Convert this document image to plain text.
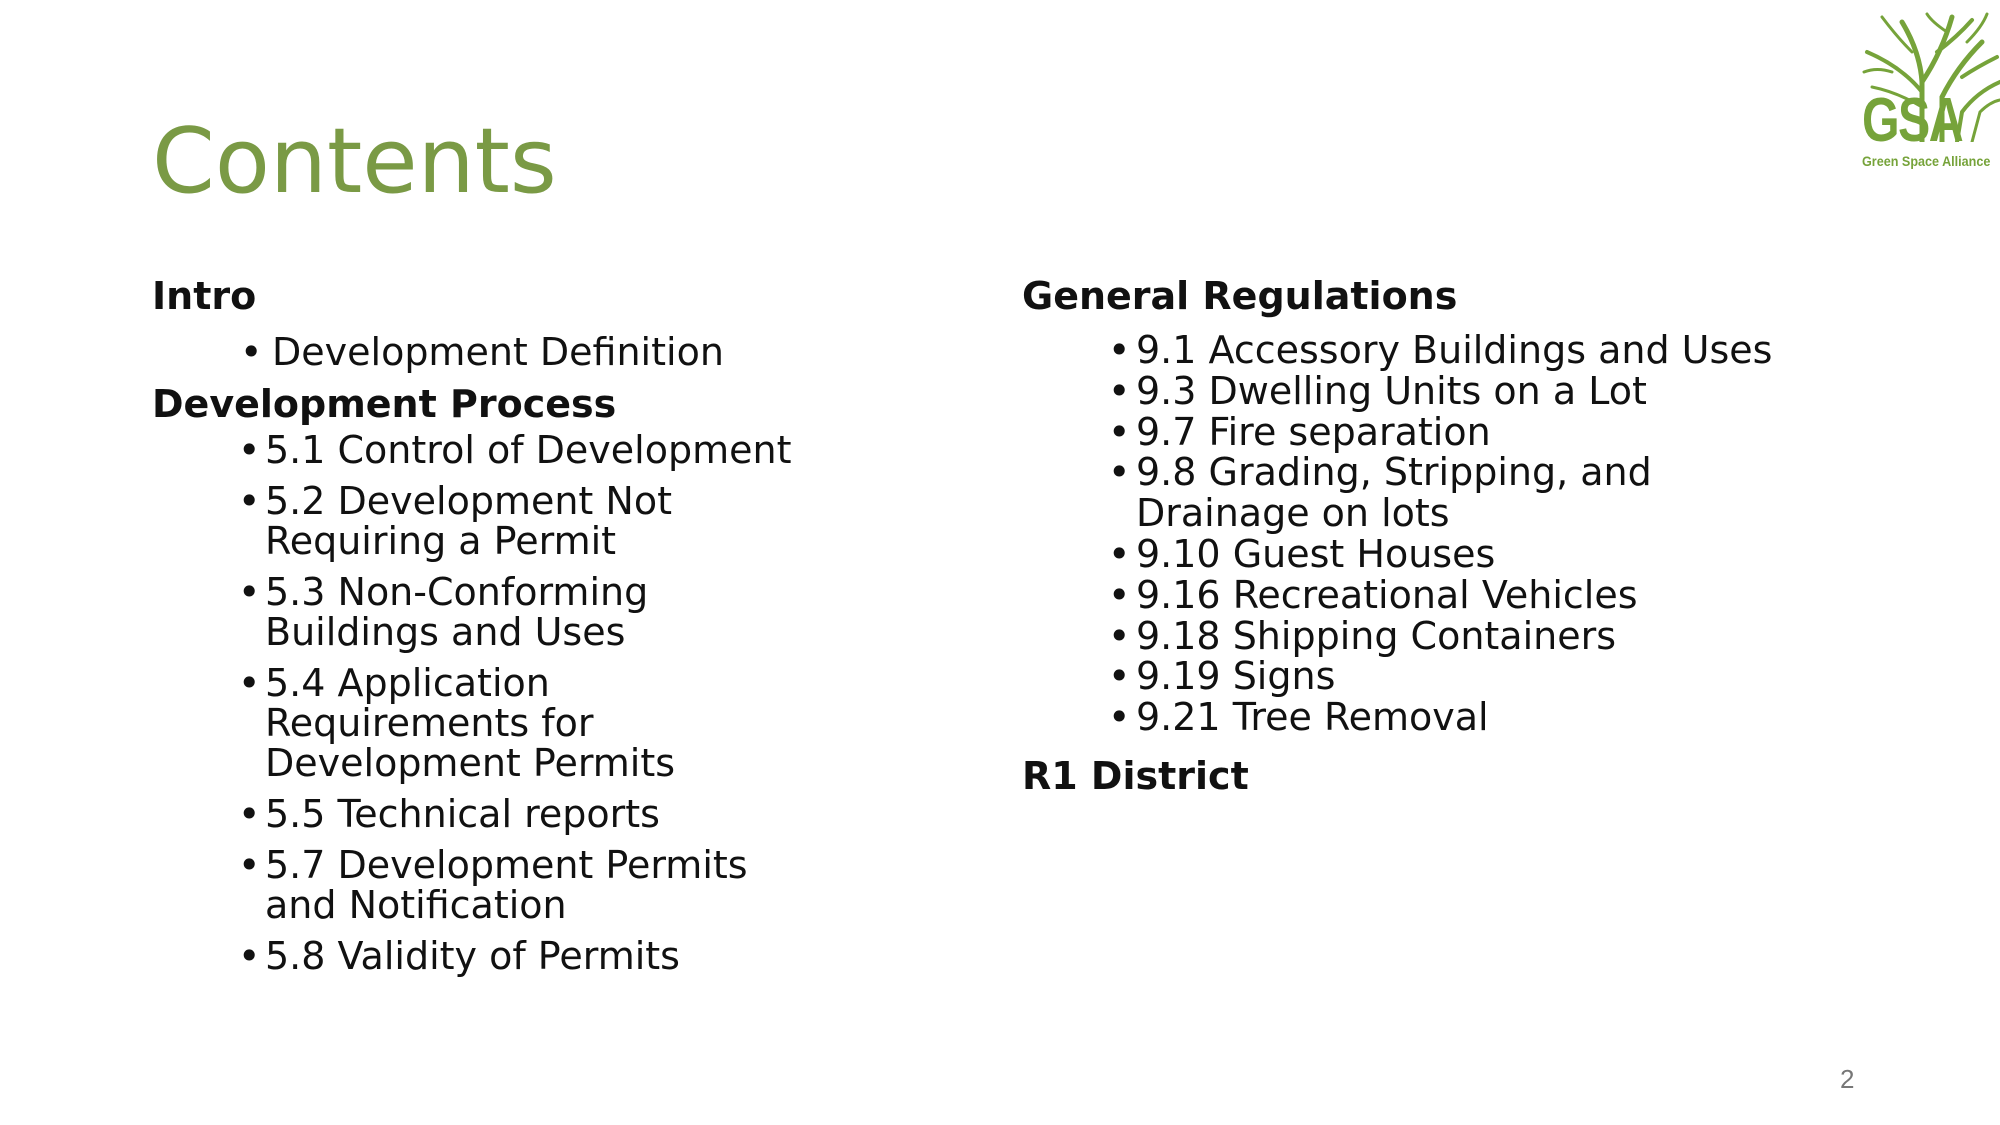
GSA
Green Space Alliance
Contents
Intro
• Development Definition
Development Process
• 5.1 Control of Development
• 5.2 Development Not Requiring a Permit
• 5.3 Non-Conforming Buildings and Uses
• 5.4 Application Requirements for Development Permits
• 5.5 Technical reports
• 5.7 Development Permits and Notification
• 5.8 Validity of Permits
General Regulations
• 9.1 Accessory Buildings and Uses
• 9.3 Dwelling Units on a Lot
• 9.7 Fire separation
• 9.8 Grading, Stripping, and Drainage on lots
• 9.10 Guest Houses
• 9.16 Recreational Vehicles
• 9.18 Shipping Containers
• 9.19 Signs
• 9.21 Tree Removal
R1 District
2
